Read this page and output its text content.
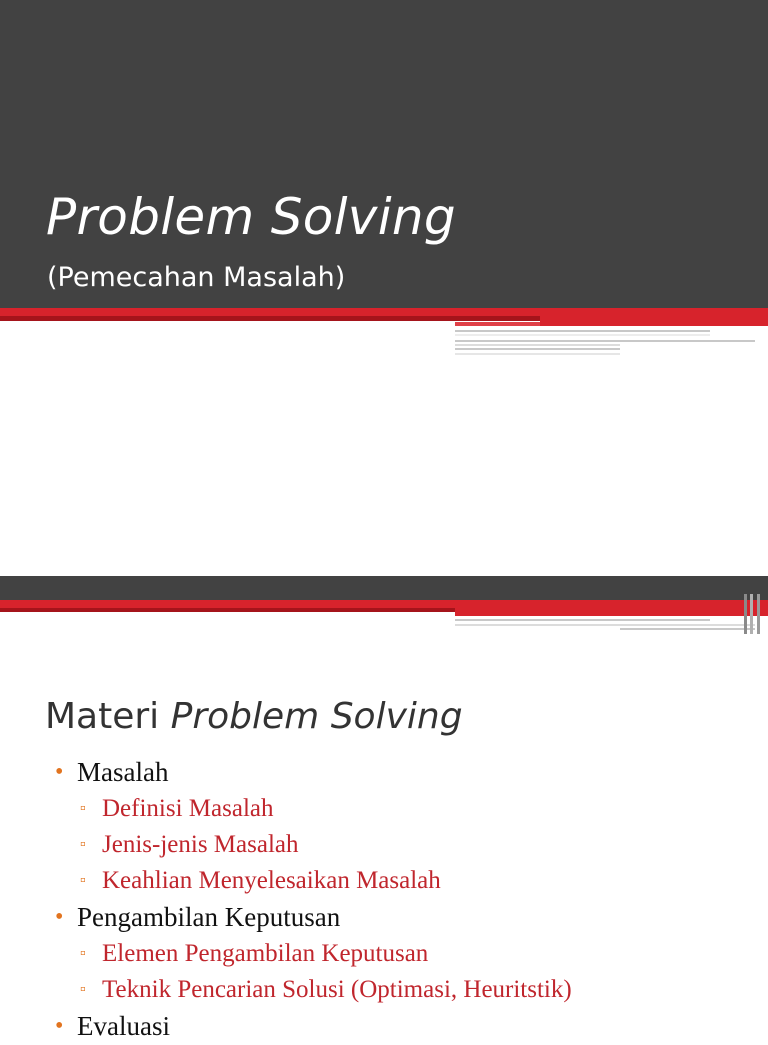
Problem Solving

(Pemecahan Masalah)

Materi Problem Solving
• Masalah
▫ Definisi Masalah
▫ Jenis-jenis Masalah
▫ Keahlian Menyelesaikan Masalah
• Pengambilan Keputusan
▫ Elemen Pengambilan Keputusan
▫ Teknik Pencarian Solusi (Optimasi, Heuritstik)
• Evaluasi
